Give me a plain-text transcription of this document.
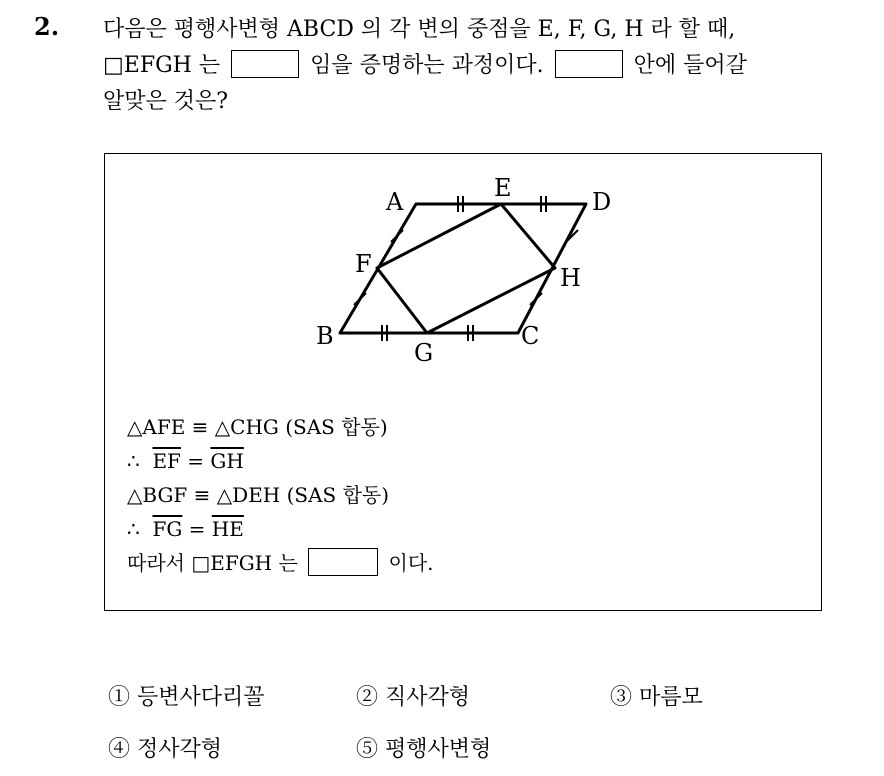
2. 다음은 평행사변형 ABCD 의 각 변의 중점을 E, F, G, H 라 할 때,
□EFGH 는	임을 증명하는 과정이다.	안에 들어갈
알맞은 것은?
A	E	D
F	H
B
G
C
△AFE ≡ △CHG (SAS 합동)
∴ $\overline{EF} = \overline{GH}$
△BGF ≡ △DEH (SAS 합동)
∴ $\overline{FG} = \overline{HE}$
따라서 □EFGH 는	이다.
① 등변사다리꼴	② 직사각형	③ 마름모
④ 정사각형	⑤ 평행사변형
